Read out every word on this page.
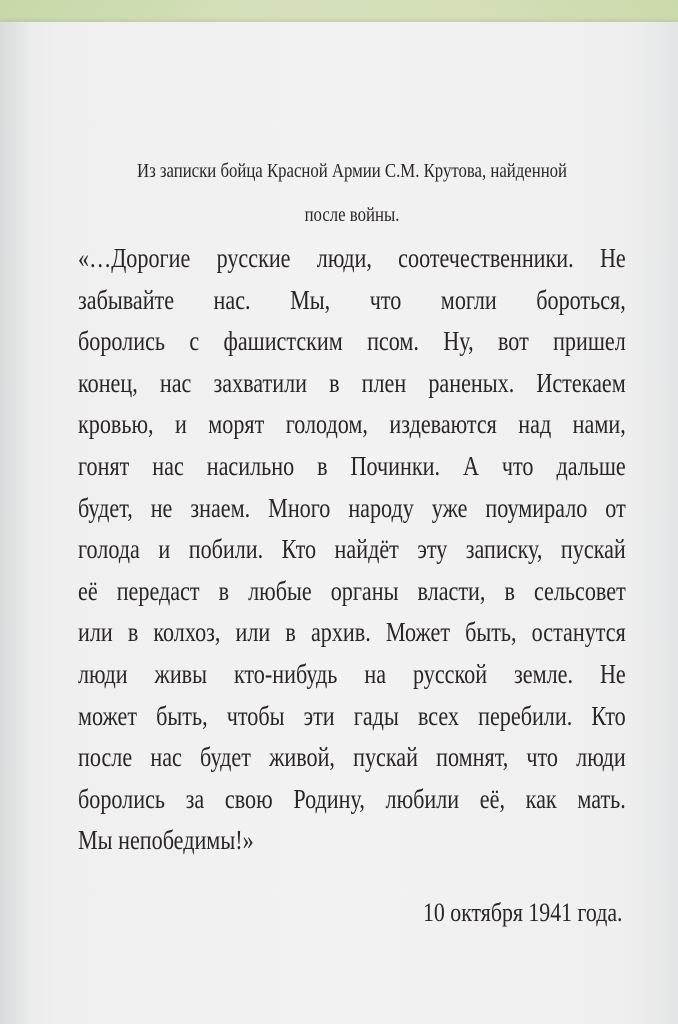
Из записки бойца Красной Армии С.М. Крутова, найденной
после войны.
«…Дорогие русские люди, соотечественники. Не
забывайте нас. Мы, что могли бороться,
боролись с фашистским псом. Ну, вот пришел
конец, нас захватили в плен раненых. Истекаем
кровью, и морят голодом, издеваются над нами,
гонят нас насильно в Починки. А что дальше
будет, не знаем. Много народу уже поумирало от
голода и побили. Кто найдёт эту записку, пускай
её передаст в любые органы власти, в сельсовет
или в колхоз, или в архив. Может быть, останутся
люди живы кто-нибудь на русской земле. Не
может быть, чтобы эти гады всех перебили. Кто
после нас будет живой, пускай помнят, что люди
боролись за свою Родину, любили её, как мать.
Мы непобедимы!»
10 октября 1941 года.
